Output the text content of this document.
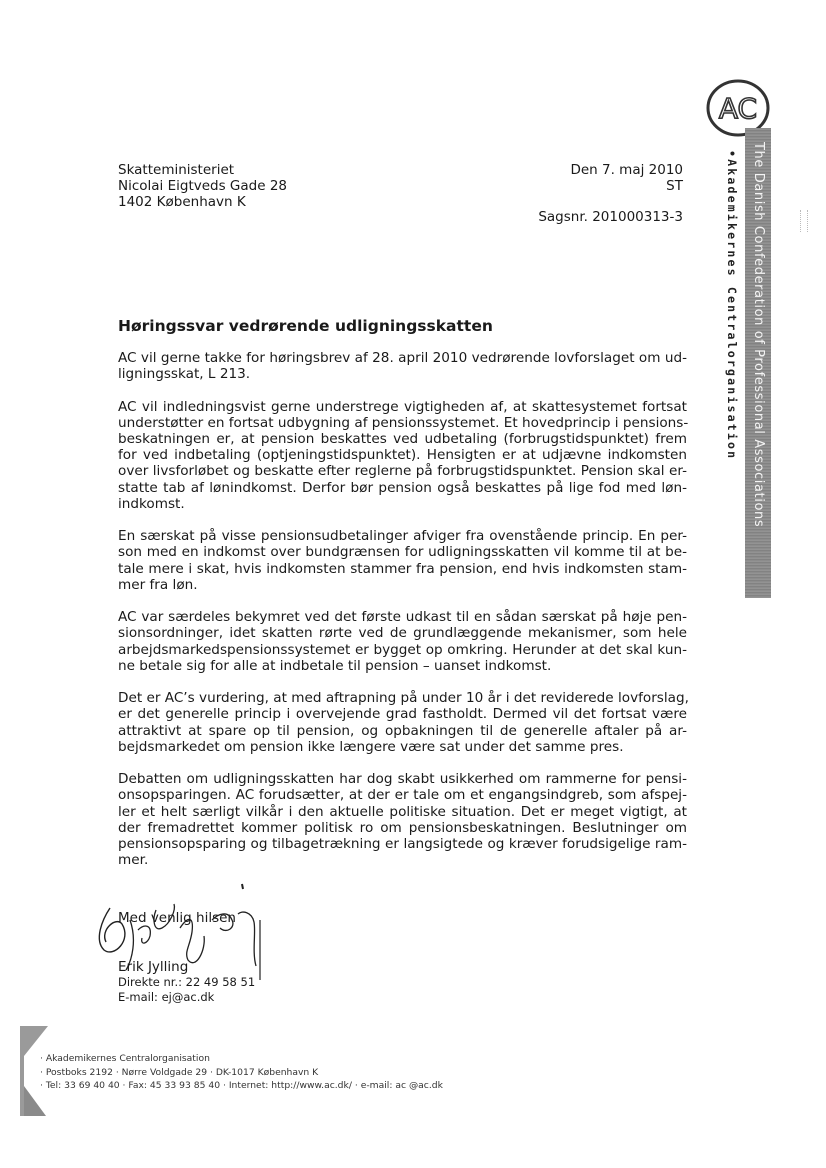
AC
The Danish Confederation of Professional Associations
•Akademikernes Centralorganisation
Skatteministeriet
Nicolai Eigtveds Gade 28
1402 København K
Den 7. maj 2010
ST
Sagsnr. 201000313-3
Høringssvar vedrørende udligningsskatten

AC vil gerne takke for høringsbrev af 28. april 2010 vedrørende lovforslaget om ud-
ligningsskat, L 213.

AC vil indledningsvist gerne understrege vigtigheden af, at skattesystemet fortsat
understøtter en fortsat udbygning af pensionssystemet. Et hovedprincip i pensions-
beskatningen er, at pension beskattes ved udbetaling (forbrugstidspunktet) frem
for ved indbetaling (optjeningstidspunktet). Hensigten er at udjævne indkomsten
over livsforløbet og beskatte efter reglerne på forbrugstidspunktet. Pension skal er-
statte tab af lønindkomst. Derfor bør pension også beskattes på lige fod med løn-
indkomst.

En særskat på visse pensionsudbetalinger afviger fra ovenstående princip. En per-
son med en indkomst over bundgrænsen for udligningsskatten vil komme til at be-
tale mere i skat, hvis indkomsten stammer fra pension, end hvis indkomsten stam-
mer fra løn.

AC var særdeles bekymret ved det første udkast til en sådan særskat på høje pen-
sionsordninger, idet skatten rørte ved de grundlæggende mekanismer, som hele
arbejdsmarkedspensionssystemet er bygget op omkring. Herunder at det skal kun-
ne betale sig for alle at indbetale til pension – uanset indkomst.

Det er AC’s vurdering, at med aftrapning på under 10 år i det reviderede lovforslag,
er det generelle princip i overvejende grad fastholdt. Dermed vil det fortsat være
attraktivt at spare op til pension, og opbakningen til de generelle aftaler på ar-
bejdsmarkedet om pension ikke længere være sat under det samme pres.

Debatten om udligningsskatten har dog skabt usikkerhed om rammerne for pensi-
onsopsparingen. AC forudsætter, at der er tale om et engangsindgreb, som afspej-
ler et helt særligt vilkår i den aktuelle politiske situation. Det er meget vigtigt, at
der fremadrettet kommer politisk ro om pensionsbeskatningen. Beslutninger om
pensionsopsparing og tilbagetrækning er langsigtede og kræver forudsigelige ram-
mer.

Med venlig hilsen
Erik Jylling
Direkte nr.: 22 49 58 51
E-mail: ej@ac.dk
· Akademikernes Centralorganisation
· Postboks 2192 · Nørre Voldgade 29 · DK-1017 København K
· Tel: 33 69 40 40 · Fax: 45 33 93 85 40 · Internet: http://www.ac.dk/ · e-mail: ac @ac.dk
